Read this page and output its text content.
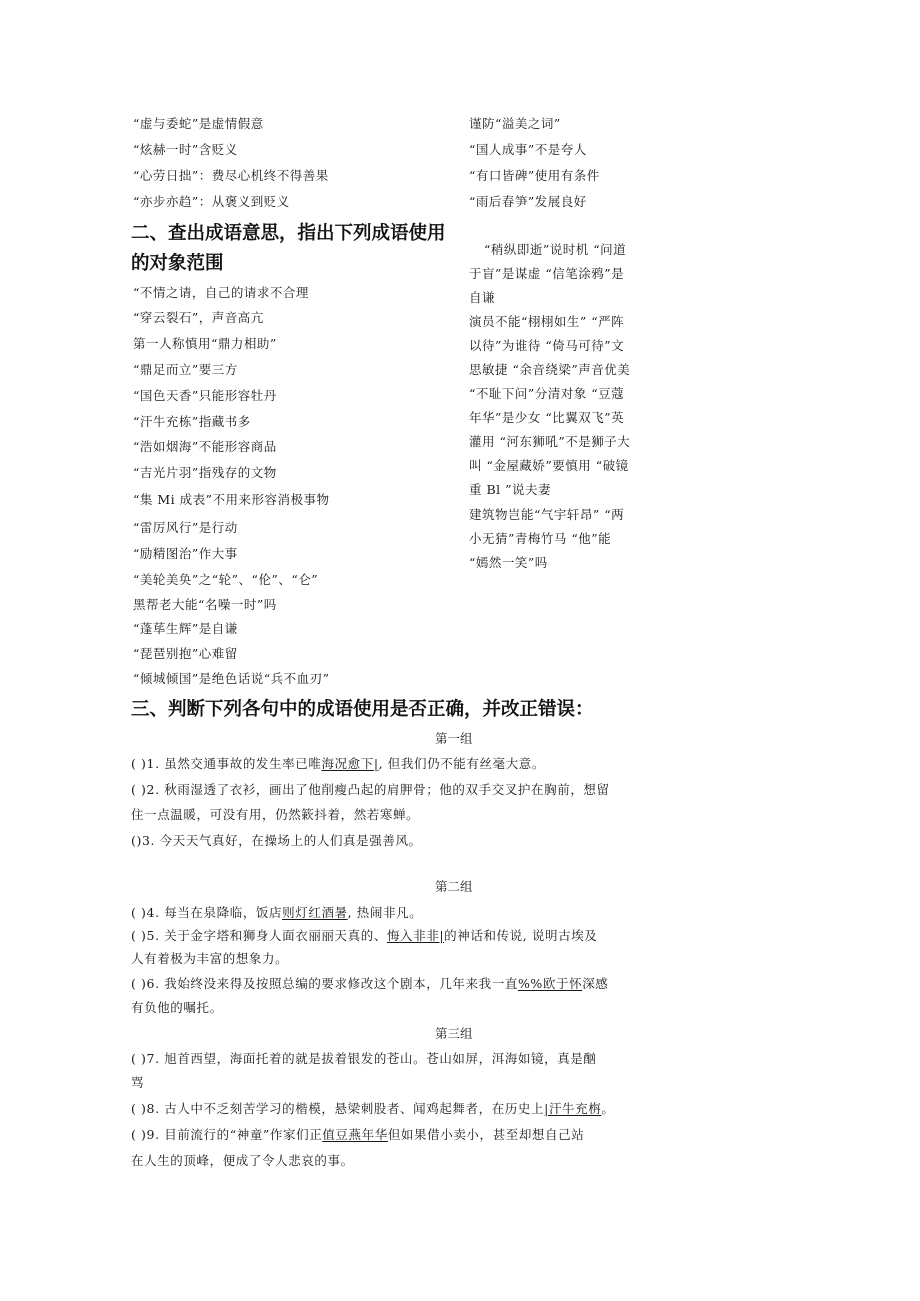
“虚与委蛇”是虚情假意
“炫赫一时”含贬义
“心劳日拙”：费尽心机终不得善果
“亦步亦趋”：从褒义到贬义
谨防“溢美之词”
“国人成事”不是夸人
“有口皆碑”使用有条件
“雨后春笋”发展良好
二、查出成语意思，指出下列成语使用
的对象范围
“不情之请，自己的请求不合理
“穿云裂石”，声音高亢
第一人称慎用“鼎力相助”
“鼎足而立”要三方
“国色天香”只能形容牡丹
“汗牛充栋”指藏书多
“浩如烟海”不能形容商品
“吉光片羽”指残存的文物
“集 Mi 成表”不用来形容消极事物
“雷厉风行”是行动
“励精图治”作大事
“美轮美奂”之“轮”、“伦”、“仑”
黑帮老大能“名噪一时”吗
“蓬荜生辉”是自谦
“琵琶别抱”心难留
“倾城倾国”是绝色话说“兵不血刃”
“稍纵即逝”说时机 “问道
于盲”是谋虚 “信笔涂鸦”是
自谦
演员不能“栩栩如生” “严阵
以待”为谁待 “倚马可待”文
思敏捷 “余音绕梁”声音优美
“不耻下问”分清对象 “豆蔻
年华”是少女 “比翼双飞”英
灌用 “河东狮吼”不是狮子大
叫 “金屋藏娇”要慎用 “破镜
重 Bl ”说夫妻
建筑物岂能“气宇轩昂” “两
小无猜”青梅竹马 “他”能
“嫣然一笑”吗
三、判断下列各句中的成语使用是否正确，并改正错误：
第一组
( )1. 虽然交通事故的发生率已唯海况愈下|, 但我们仍不能有丝毫大意。
( )2. 秋雨湿透了衣衫，画出了他削瘦凸起的肩胛骨；他的双手交叉护在胸前，想留
住一点温暖，可没有用，仍然簌抖着，然若寒蝉。
()3. 今天天气真好，在操场上的人们真是强善风。
第二组
( )4. 每当在泉降临，饭店则灯红酒暑, 热闹非凡。
( )5. 关于金字塔和狮身人面衣丽丽天真的、悔入非非|的神话和传说, 说明古埃及
人有着极为丰富的想象力。
( )6. 我始终没来得及按照总编的要求修改这个剧本，几年来我一直%%欧于怀深感
有负他的嘱托。
第三组
( )7. 旭首西望，海面托着的就是拔着银发的苍山。苍山如屏，洱海如镜，真是酗
骂
( )8. 古人中不乏刻苦学习的楷模，悬梁刺股者、闻鸡起舞者，在历史上|汗牛充栴。
( )9. 目前流行的“神童”作家们正值豆燕年华但如果借小卖小，甚至却想自己站
在人生的顶峰，便成了令人悲哀的事。
